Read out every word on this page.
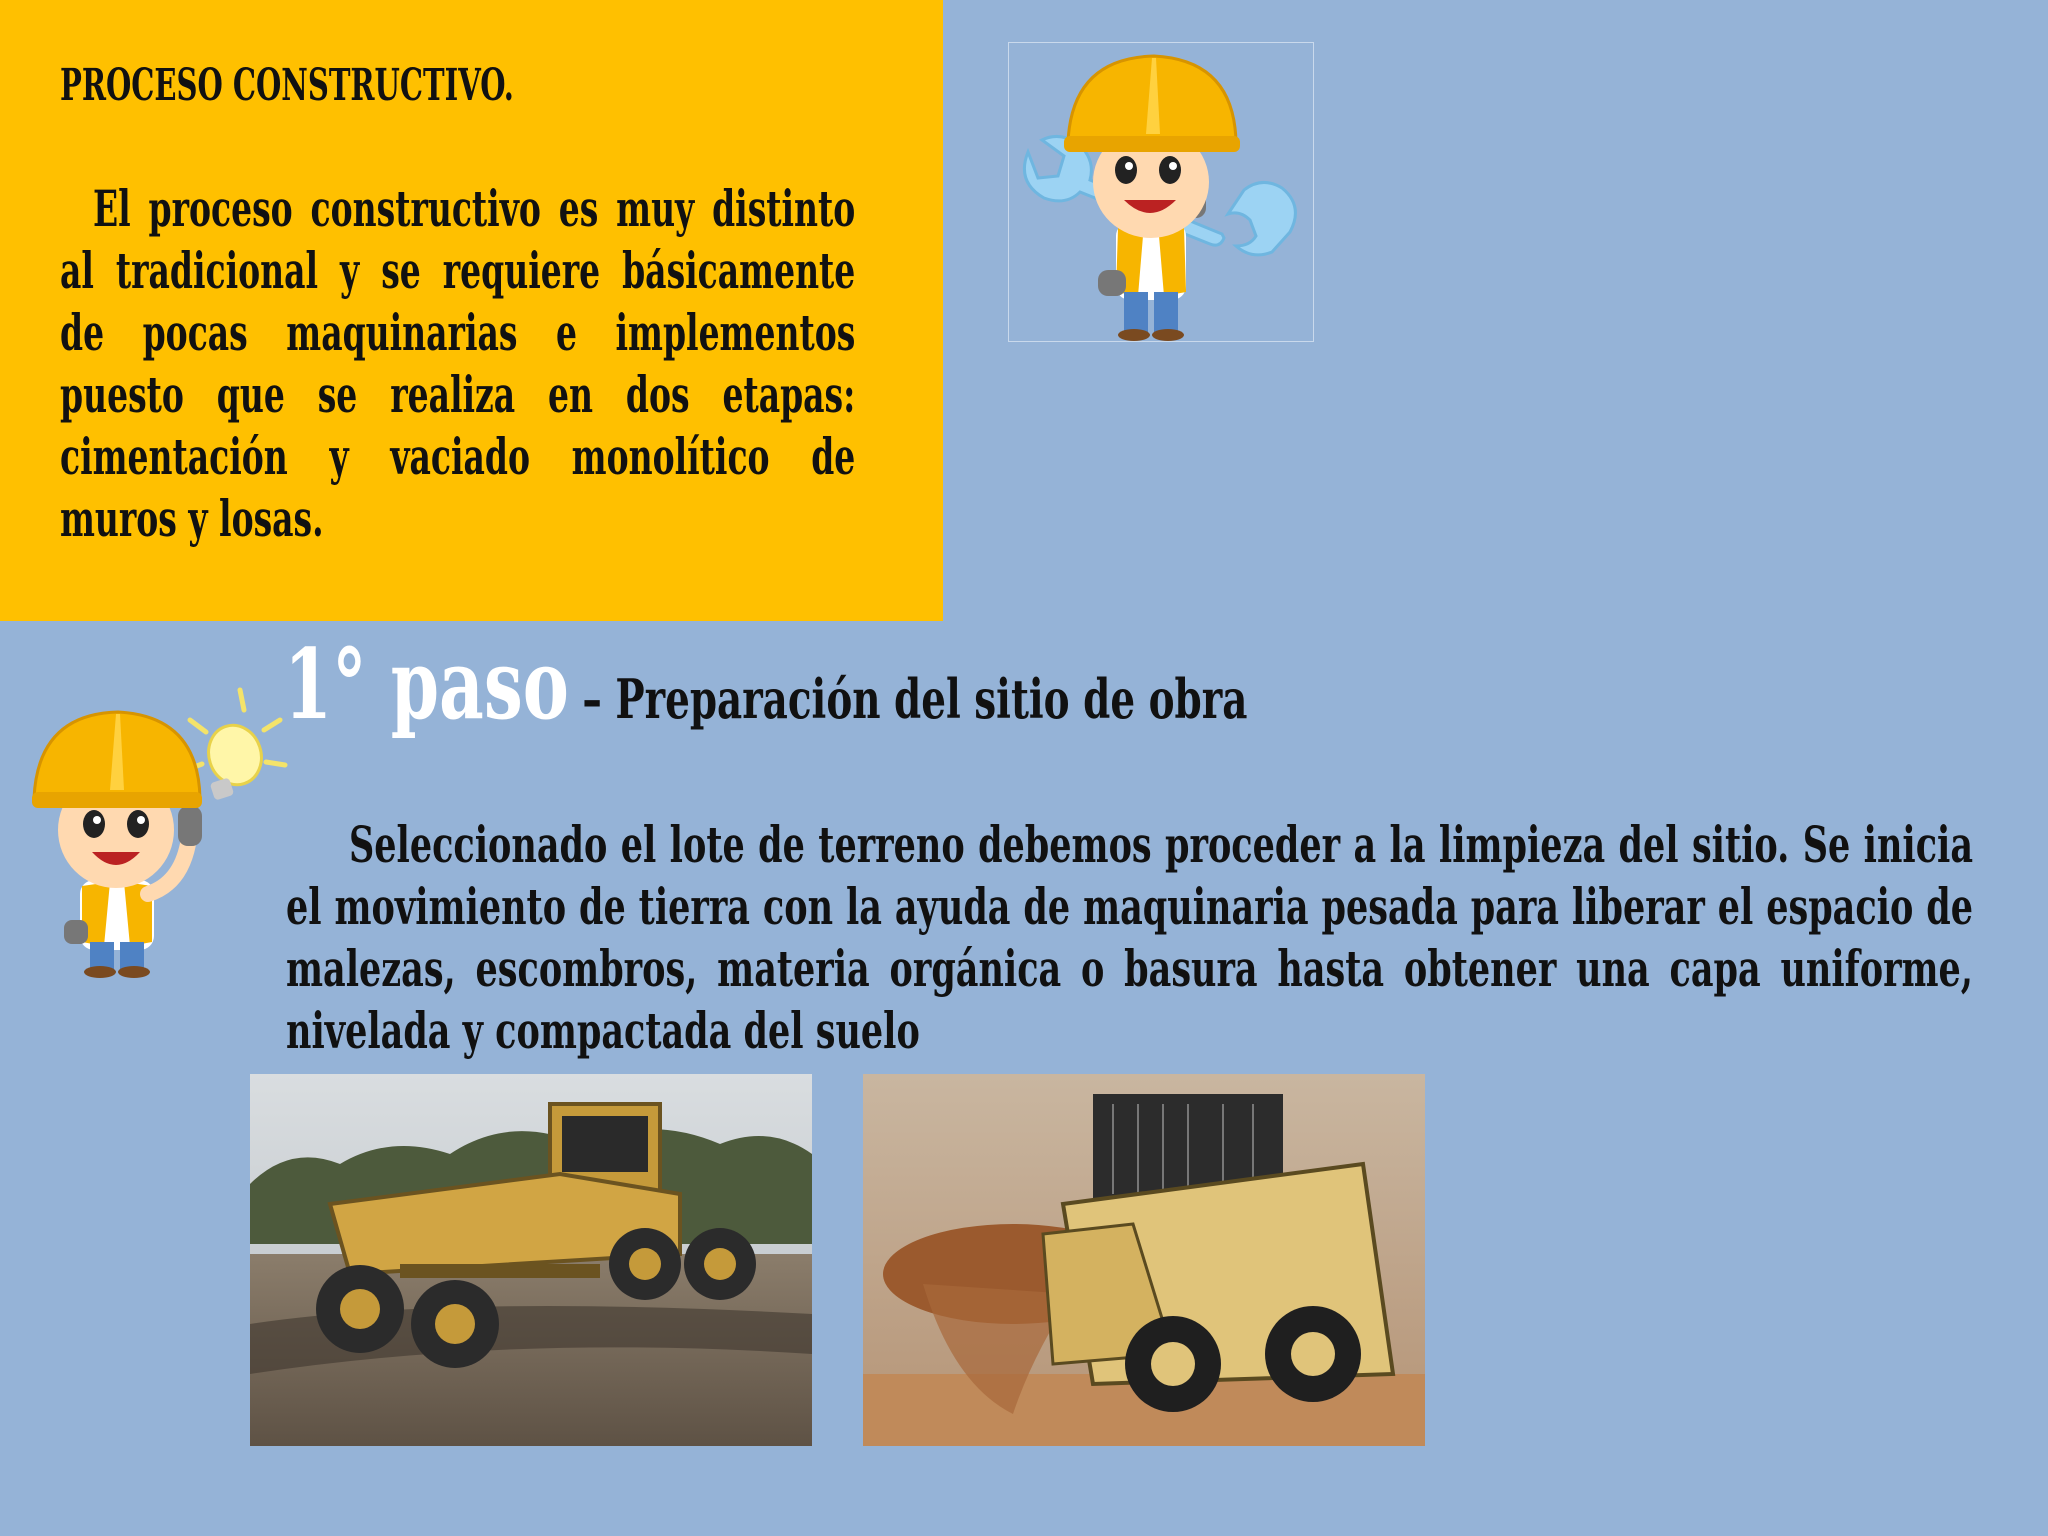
PROCESO CONSTRUCTIVO.
El proceso constructivo es muy distinto al tradicional y se requiere básicamente de pocas maquinarias e implementos puesto que se realiza en dos etapas: cimentación y vaciado monolítico de muros y losas.
1° paso – Preparación del sitio de obra
Seleccionado el lote de terreno debemos proceder a la limpieza del sitio. Se inicia el movimiento de tierra con la ayuda de maquinaria pesada para liberar el espacio de malezas, escombros, materia orgánica o basura hasta obtener una capa uniforme, nivelada y compactada del suelo
